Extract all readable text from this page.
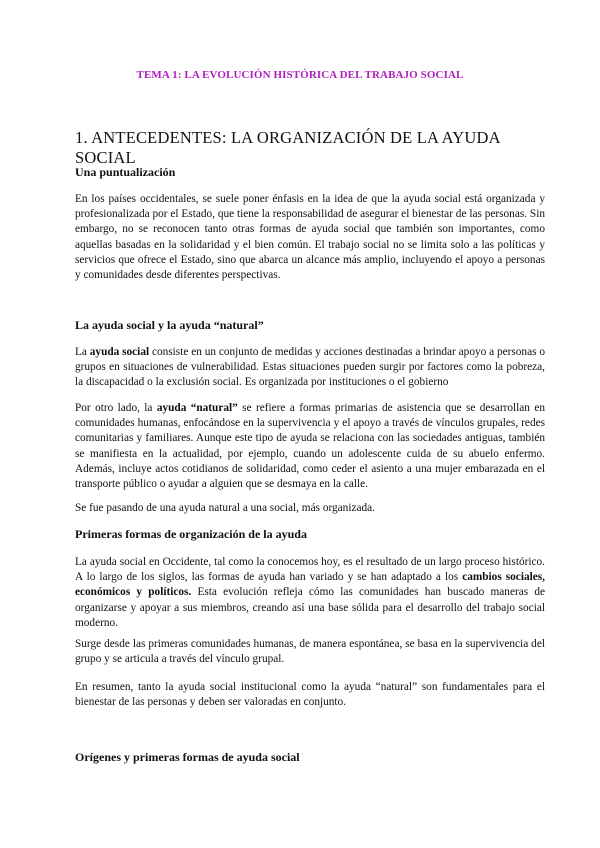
TEMA 1: LA EVOLUCIÓN HISTÓRICA DEL TRABAJO SOCIAL
1. ANTECEDENTES: LA ORGANIZACIÓN DE LA AYUDA SOCIAL
Una puntualización

En los países occidentales, se suele poner énfasis en la idea de que la ayuda social está organizada y profesionalizada por el Estado, que tiene la responsabilidad de asegurar el bienestar de las personas. Sin embargo, no se reconocen tanto otras formas de ayuda social que también son importantes, como aquellas basadas en la solidaridad y el bien común. El trabajo social no se limita solo a las políticas y servicios que ofrece el Estado, sino que abarca un alcance más amplio, incluyendo el apoyo a personas y comunidades desde diferentes perspectivas.

La ayuda social y la ayuda “natural”

La ayuda social consiste en un conjunto de medidas y acciones destinadas a brindar apoyo a personas o grupos en situaciones de vulnerabilidad. Estas situaciones pueden surgir por factores como la pobreza, la discapacidad o la exclusión social. Es organizada por instituciones o el gobierno

Por otro lado, la ayuda “natural” se refiere a formas primarias de asistencia que se desarrollan en comunidades humanas, enfocándose en la supervivencia y el apoyo a través de vínculos grupales, redes comunitarias y familiares. Aunque este tipo de ayuda se relaciona con las sociedades antiguas, también se manifiesta en la actualidad, por ejemplo, cuando un adolescente cuida de su abuelo enfermo. Además, incluye actos cotidianos de solidaridad, como ceder el asiento a una mujer embarazada en el transporte público o ayudar a alguien que se desmaya en la calle.

Se fue pasando de una ayuda natural a una social, más organizada.

Primeras formas de organización de la ayuda

La ayuda social en Occidente, tal como la conocemos hoy, es el resultado de un largo proceso histórico. A lo largo de los siglos, las formas de ayuda han variado y se han adaptado a los cambios sociales, económicos y políticos. Esta evolución refleja cómo las comunidades han buscado maneras de organizarse y apoyar a sus miembros, creando así una base sólida para el desarrollo del trabajo social moderno.

Surge desde las primeras comunidades humanas, de manera espontánea, se basa en la supervivencia del grupo y se articula a través del vínculo grupal.

En resumen, tanto la ayuda social institucional como la ayuda “natural” son fundamentales para el bienestar de las personas y deben ser valoradas en conjunto.

Orígenes y primeras formas de ayuda social
